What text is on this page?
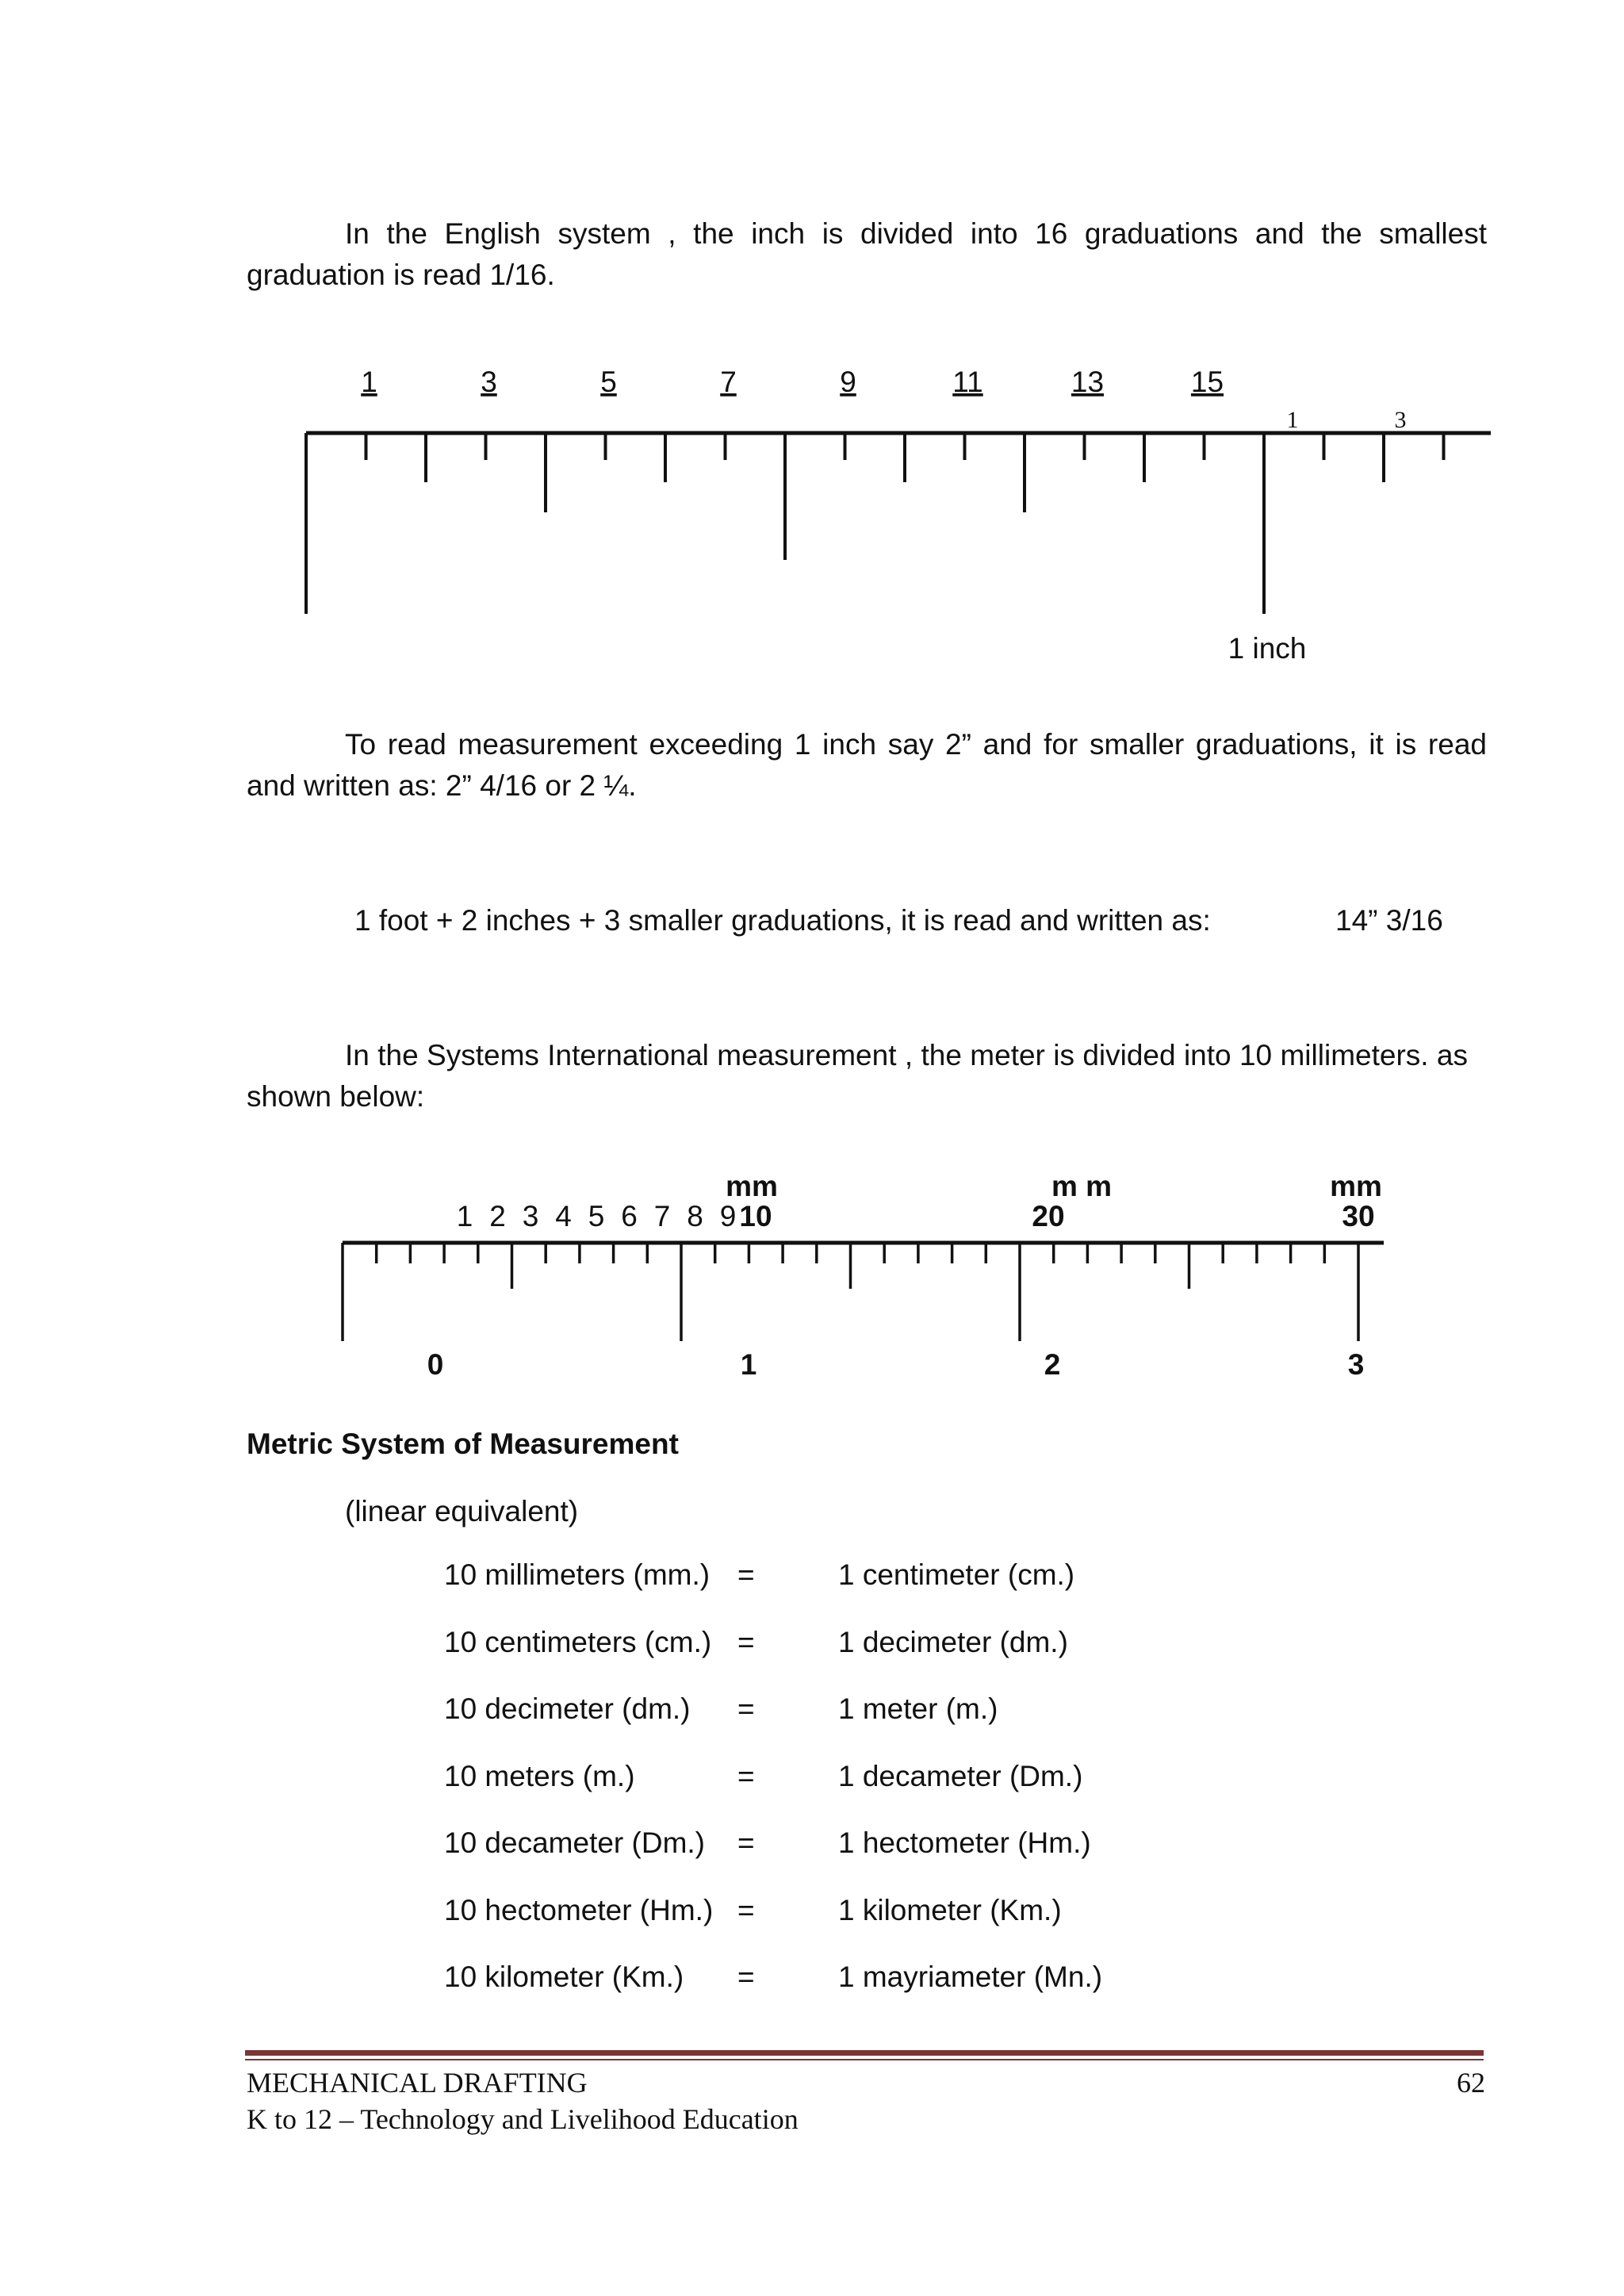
In the English system , the inch is divided into 16 graduations and the smallest graduation is read 1/16.

1	3	5	7	9	11	13	15
1	3
1 inch

To read measurement exceeding 1 inch say 2” and for smaller graduations, it is read and written as: 2” 4/16 or 2 ¼.

1 foot + 2 inches + 3 smaller graduations, it is read and written as:	14” 3/16

In the Systems International measurement , the meter is divided into 10 millimeters. as shown below:

1 2 3 4 5 6 7 8 9 10	20	30
mm	m m	mm
0	1	2	3

Metric System of Measurement

(linear equivalent)

10 millimeters (mm.) =	1 centimeter (cm.)
10 centimeters (cm.) =	1 decimeter (dm.)
10 decimeter (dm.) =	1 meter (m.)
10 meters (m.)	=	1 decameter (Dm.)
10 decameter (Dm.) =	1 hectometer (Hm.)
10 hectometer (Hm.) =	1 kilometer (Km.)
10 kilometer (Km.) =	1 mayriameter (Mn.)
MECHANICAL DRAFTING
K to 12 – Technology and Livelihood Education
62
